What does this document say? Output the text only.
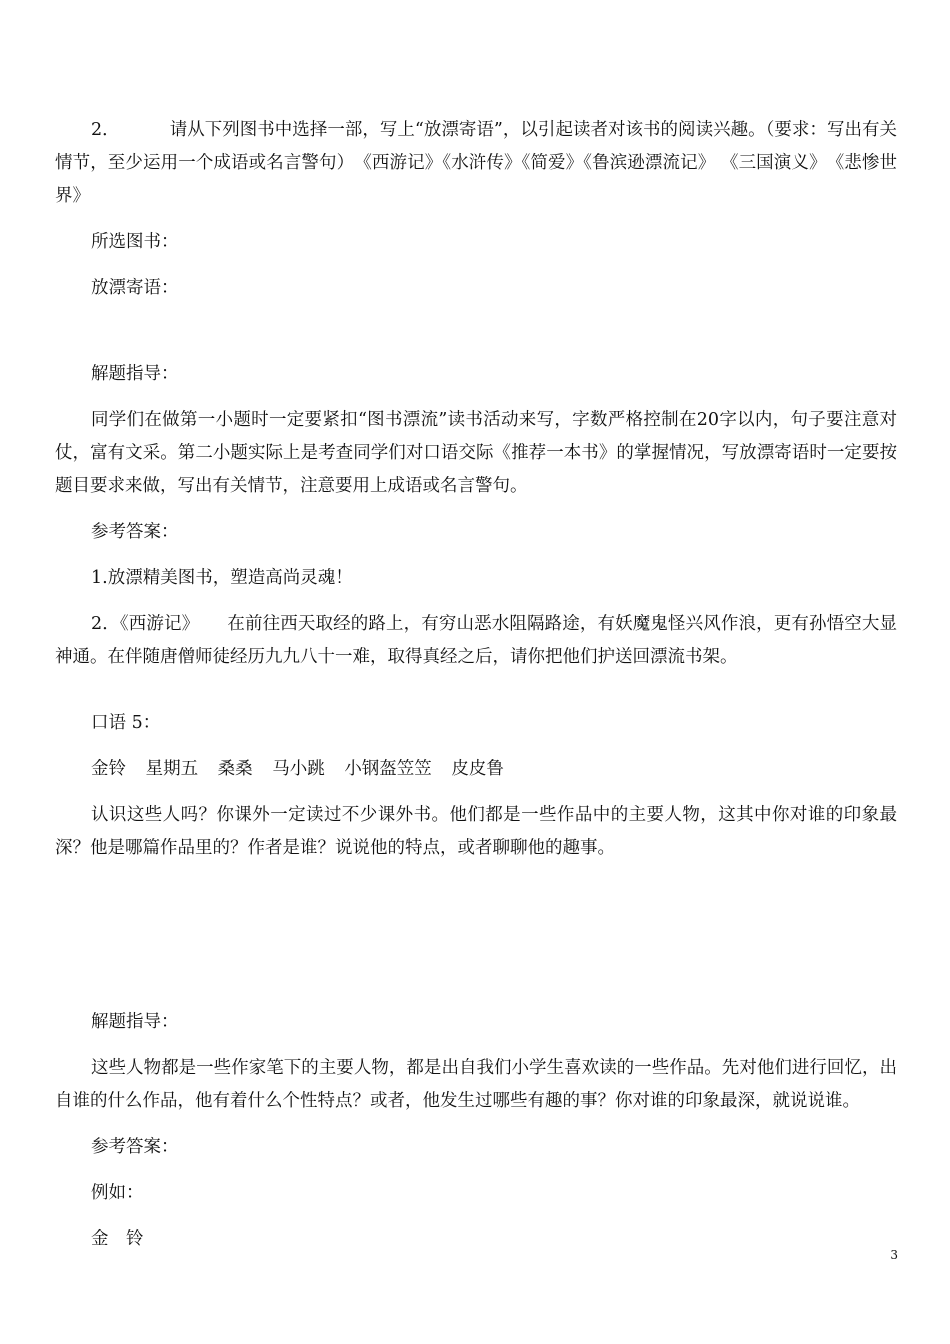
2．	请从下列图书中选择一部，写上“放漂寄语”，以引起读者对该书的阅读兴趣。（要求：写出有关情节，至少运用一个成语或名言警句）　《西游记》《水浒传》《简爱》《鲁滨逊漂流记》 《三国演义》　《悲惨世界》

所选图书：

放漂寄语：

解题指导：

同学们在做第一小题时一定要紧扣“图书漂流”读书活动来写，字数严格控制在20字以内，句子要注意对仗，富有文采。第二小题实际上是考查同学们对口语交际《推荐一本书》的掌握情况，写放漂寄语时一定要按题目要求来做，写出有关情节，注意要用上成语或名言警句。

参考答案：

1.放漂精美图书，塑造高尚灵魂！

2．《西游记》 在前往西天取经的路上，有穷山恶水阻隔路途，有妖魔鬼怪兴风作浪，更有孙悟空大显神通。在伴随唐僧师徒经历九九八十一难，取得真经之后，请你把他们护送回漂流书架。

口语 5：

金铃 星期五 桑桑 马小跳 小钢盔笠笠 皮皮鲁

认识这些人吗？你课外一定读过不少课外书。他们都是一些作品中的主要人物，这其中你对谁的印象最深？他是哪篇作品里的？作者是谁？说说他的特点，或者聊聊他的趣事。

解题指导：

这些人物都是一些作家笔下的主要人物，都是出自我们小学生喜欢读的一些作品。先对他们进行回忆，出自谁的什么作品，他有着什么个性特点？或者，他发生过哪些有趣的事？你对谁的印象最深，就说说谁。

参考答案：

例如：

金　铃

3
